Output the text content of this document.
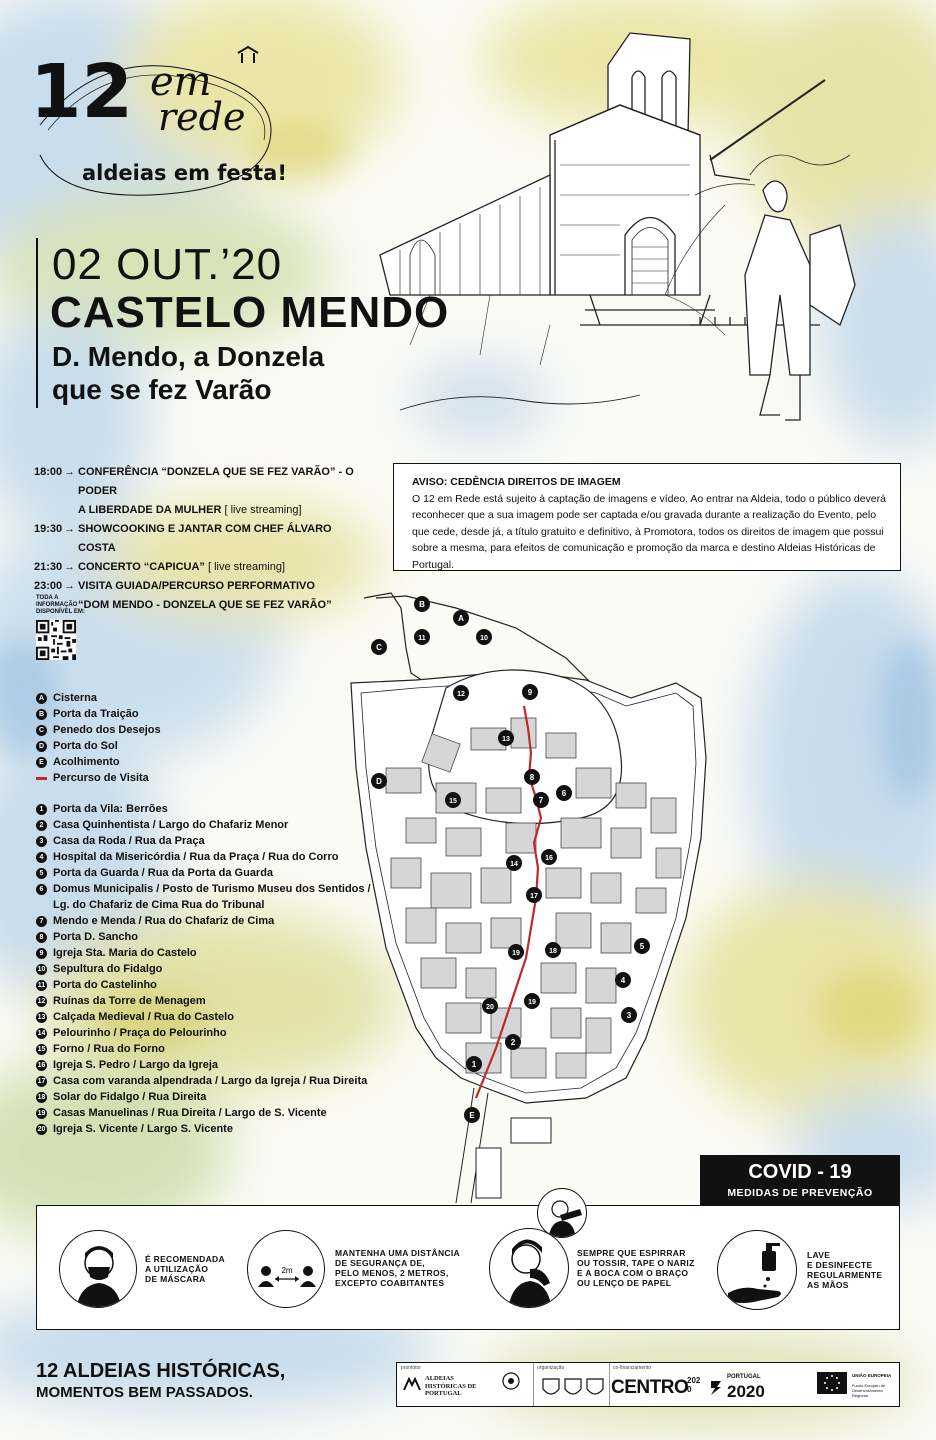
12 em
rede
aldeias em festa!
02 OUT.’20
CASTELO MENDO
D. Mendo, a Donzela
que se fez Varão
18:00 → CONFERÊNCIA “DONZELA QUE SE FEZ VARÃO” - O PODER
A LIBERDADE DA MULHER [ live streaming]
19:30 → SHOWCOOKING E JANTAR COM CHEF ÁLVARO COSTA
21:30 → CONCERTO “CAPICUA” [ live streaming]
23:00 → VISITA GUIADA/PERCURSO PERFORMATIVO
“DOM MENDO - DONZELA QUE SE FEZ VARÃO”
AVISO: CEDÊNCIA DIREITOS DE IMAGEM
O 12 em Rede está sujeito à captação de imagens e vídeo. Ao entrar na Aldeia, todo o público deverá reconhecer que a sua imagem pode ser captada e/ou gravada durante a realização do Evento, pelo que cede, desde já, a título gratuito e definitivo, à Promotora, todos os direitos de imagem que possui sobre a mesma, para efeitos de comunicação e promoção da marca e destino Aldeias Históricas de Portugal.
TODA A INFORMAÇÃO
DISPONÍVEL EM:
A Cisterna
B Porta da Traição
C Penedo dos Desejos
D Porta do Sol
E Acolhimento
Percurso de Visita
1 Porta da Vila: Berrões
2 Casa Quinhentista / Largo do Chafariz Menor
3 Casa da Roda / Rua da Praça
4 Hospital da Misericórdia / Rua da Praça / Rua do Corro
5 Porta da Guarda / Rua da Porta da Guarda
6 Domus Municipalis / Posto de Turismo Museu dos Sentidos /
Lg. do Chafariz de Cima Rua do Tribunal
7 Mendo e Menda / Rua do Chafariz de Cima
8 Porta D. Sancho
9 Igreja Sta. Maria do Castelo
10 Sepultura do Fidalgo
11 Porta do Castelinho
12 Ruínas da Torre de Menagem
13 Calçada Medieval / Rua do Castelo
14 Pelourinho / Praça do Pelourinho
15 Forno / Rua do Forno
16 Igreja S. Pedro / Largo da Igreja
17 Casa com varanda alpendrada / Largo da Igreja / Rua Direita
18 Solar do Fidalgo / Rua Direita
19 Casas Manuelinas / Rua Direita / Largo de S. Vicente
20 Igreja S. Vicente / Largo S. Vicente
A
B
C
D
E
1
2
3
4
5
6
7
8
9
10
11
12
13
14
15
16
17
18
19
19
20
COVID - 19
MEDIDAS DE PREVENÇÃO
É RECOMENDADA
A UTILIZAÇÃO
DE MÁSCARA
2m
MANTENHA UMA DISTÂNCIA
DE SEGURANÇA DE,
PELO MENOS, 2 METROS,
EXCEPTO COABITANTES
SEMPRE QUE ESPIRRAR
OU TOSSIR, TAPE O NARIZ
E A BOCA COM O BRAÇO
OU LENÇO DE PAPEL
LAVE
E DESINFECTE
REGULARMENTE
AS MÃOS
12 ALDEIAS HISTÓRICAS,
MOMENTOS BEM PASSADOS.
promotor
ALDEIAS HISTÓRICAS DE PORTUGAL
organização	co-financiamento
CENTRO
2020
PORTUGAL
2020
UNIÃO EUROPEIA
Fundo Europeu de Desenvolvimento Regional
